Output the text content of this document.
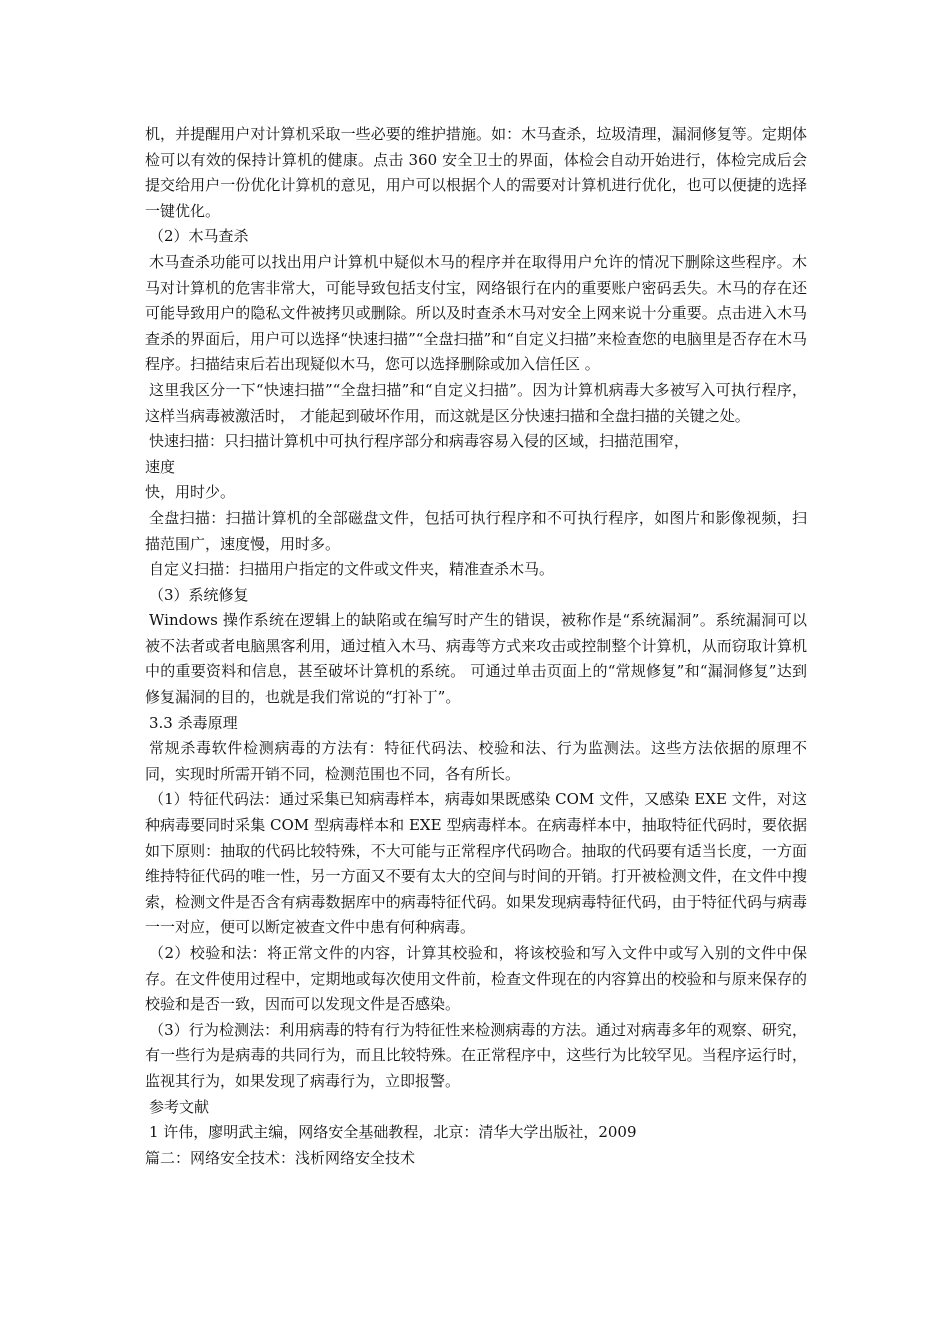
机，并提醒用户对计算机采取一些必要的维护措施。如：木马查杀，垃圾清理，漏洞修复等。定期体检可以有效的保持计算机的健康。点击 360 安全卫士的界面，体检会自动开始进行，体检完成后会提交给用户一份优化计算机的意见，用户可以根据个人的需要对计算机进行优化，也可以便捷的选择一键优化。

（2）木马查杀

木马查杀功能可以找出用户计算机中疑似木马的程序并在取得用户允许的情况下删除这些程序。木马对计算机的危害非常大，可能导致包括支付宝，网络银行在内的重要账户密码丢失。木马的存在还可能导致用户的隐私文件被拷贝或删除。所以及时查杀木马对安全上网来说十分重要。点击进入木马查杀的界面后，用户可以选择“快速扫描”“全盘扫描”和“自定义扫描”来检查您的电脑里是否存在木马程序。扫描结束后若出现疑似木马，您可以选择删除或加入信任区 。

这里我区分一下“快速扫描”“全盘扫描”和“自定义扫描”。因为计算机病毒大多被写入可执行程序，这样当病毒被激活时， 才能起到破坏作用，而这就是区分快速扫描和全盘扫描的关键之处。

快速扫描：只扫描计算机中可执行程序部分和病毒容易入侵的区域，扫描范围窄，

速度

快，用时少。

全盘扫描：扫描计算机的全部磁盘文件，包括可执行程序和不可执行程序，如图片和影像视频，扫描范围广，速度慢，用时多。

自定义扫描：扫描用户指定的文件或文件夹，精准查杀木马。

（3）系统修复

Windows 操作系统在逻辑上的缺陷或在编写时产生的错误，被称作是“系统漏洞”。系统漏洞可以被不法者或者电脑黑客利用，通过植入木马、病毒等方式来攻击或控制整个计算机，从而窃取计算机中的重要资料和信息，甚至破坏计算机的系统。 可通过单击页面上的“常规修复”和“漏洞修复”达到修复漏洞的目的，也就是我们常说的“打补丁”。

3.3 杀毒原理

常规杀毒软件检测病毒的方法有：特征代码法、校验和法、行为监测法。这些方法依据的原理不同，实现时所需开销不同，检测范围也不同，各有所长。

（1）特征代码法：通过采集已知病毒样本，病毒如果既感染 COM 文件，又感染 EXE 文件，对这种病毒要同时采集 COM 型病毒样本和 EXE 型病毒样本。在病毒样本中，抽取特征代码时，要依据如下原则：抽取的代码比较特殊，不大可能与正常程序代码吻合。抽取的代码要有适当长度，一方面维持特征代码的唯一性，另一方面又不要有太大的空间与时间的开销。打开被检测文件，在文件中搜索，检测文件是否含有病毒数据库中的病毒特征代码。如果发现病毒特征代码，由于特征代码与病毒一一对应，便可以断定被查文件中患有何种病毒。

（2）校验和法：将正常文件的内容，计算其校验和，将该校验和写入文件中或写入别的文件中保存。在文件使用过程中，定期地或每次使用文件前，检查文件现在的内容算出的校验和与原来保存的校验和是否一致，因而可以发现文件是否感染。

（3）行为检测法：利用病毒的特有行为特征性来检测病毒的方法。通过对病毒多年的观察、研究，有一些行为是病毒的共同行为，而且比较特殊。在正常程序中，这些行为比较罕见。当程序运行时，监视其行为，如果发现了病毒行为，立即报警。

参考文献

1 许伟，廖明武主编，网络安全基础教程，北京：清华大学出版社，2009

篇二：网络安全技术：浅析网络安全技术
